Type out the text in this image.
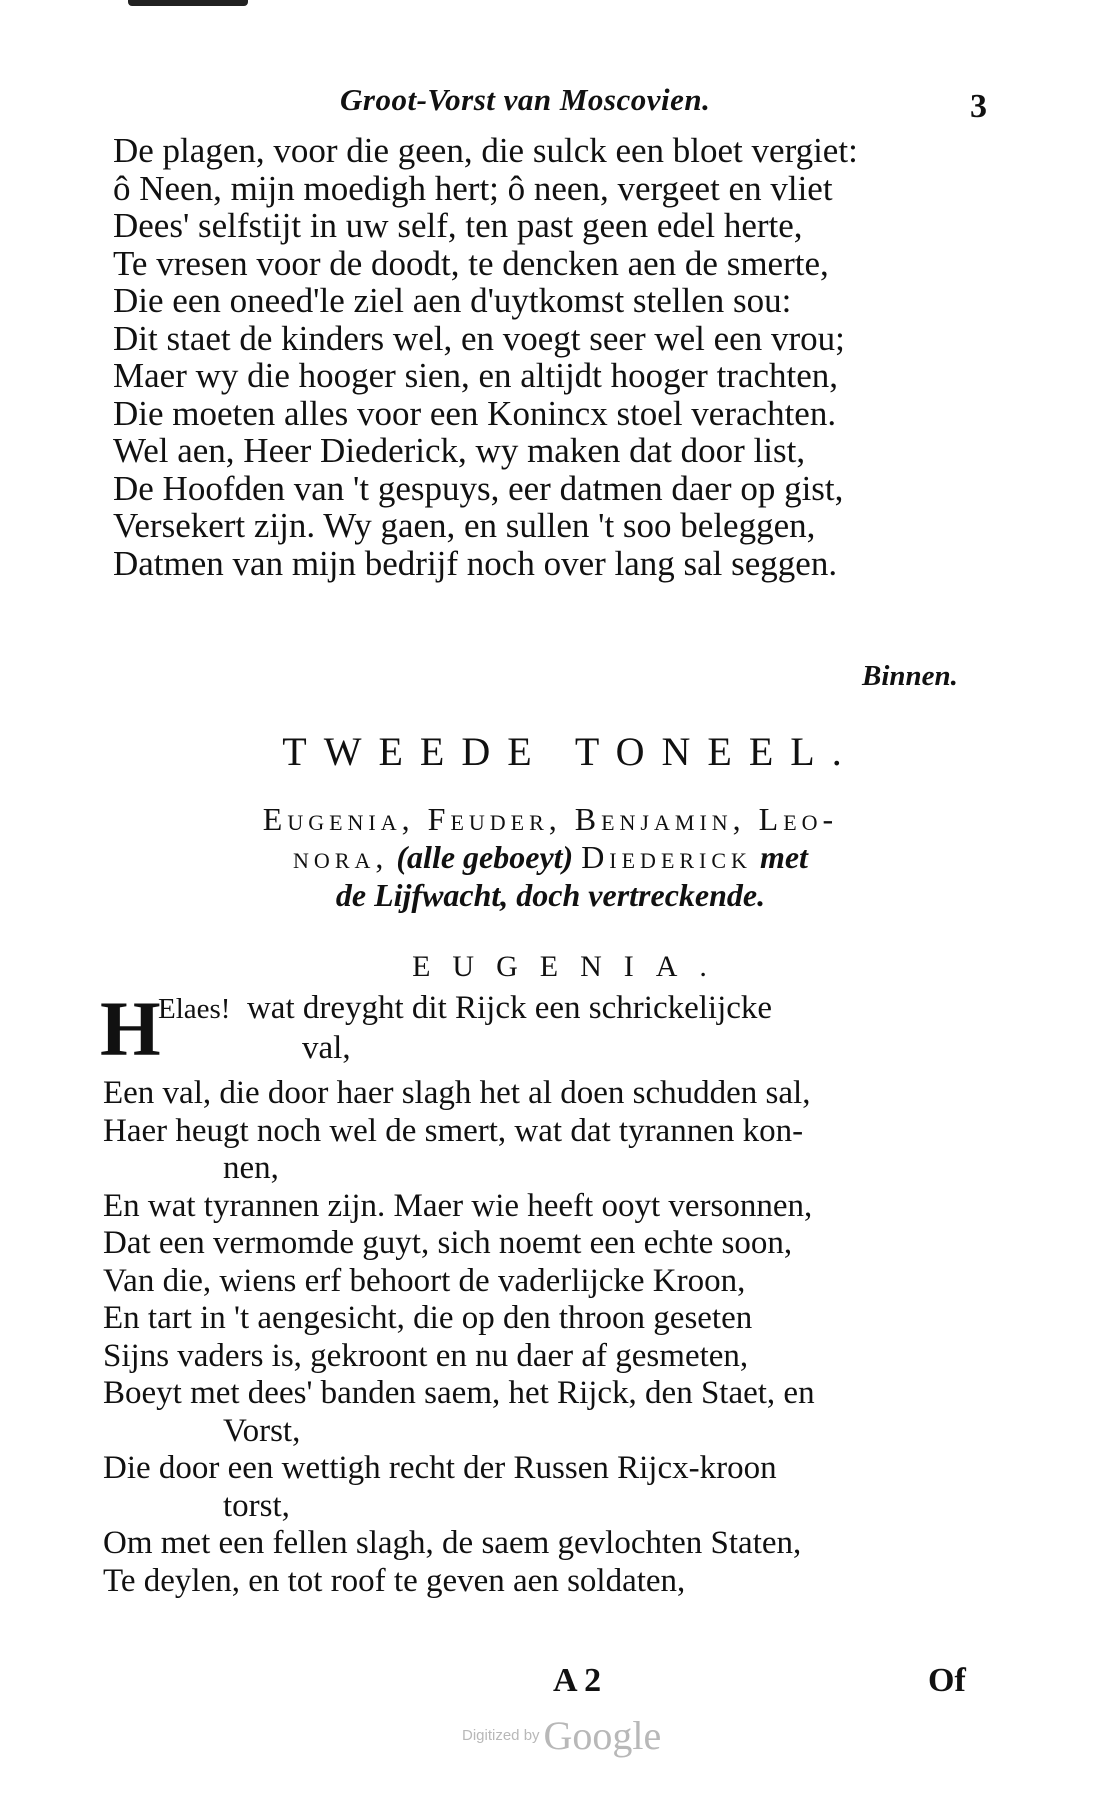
Groot-Vorst van Moscovien.	3
De plagen, voor die geen, die sulck een bloet vergiet:
ô Neen, mijn moedigh hert; ô neen, vergeet en vliet
Dees' selfstijt in uw self, ten past geen edel herte,
Te vresen voor de doodt, te dencken aen de smerte,
Die een oneed'le ziel aen d'uytkomst stellen sou:
Dit staet de kinders wel, en voegt seer wel een vrou;
Maer wy die hooger sien, en altijdt hooger trachten,
Die moeten alles voor een Konincx stoel verachten.
Wel aen, Heer Diederick, wy maken dat door list,
De Hoofden van 't gespuys, eer datmen daer op gist,
Versekert zijn. Wy gaen, en sullen 't soo beleggen,
Datmen van mijn bedrijf noch over lang sal seggen.
Binnen.
TWEEDE TONEEL.
Eugenia, Feuder, Benjamin, Leo-
nora, (alle geboeyt) Diederick met
de Lijfwacht, doch vertreckende.
EUGENIA.
H
Elaes! wat dreyght dit Rijck een schrickelijcke
val,
Een val, die door haer slagh het al doen schudden sal,
Haer heugt noch wel de smert, wat dat tyrannen kon-
nen,
En wat tyrannen zijn. Maer wie heeft ooyt versonnen,
Dat een vermomde guyt, sich noemt een echte soon,
Van die, wiens erf behoort de vaderlijcke Kroon,
En tart in 't aengesicht, die op den throon geseten
Sijns vaders is, gekroont en nu daer af gesmeten,
Boeyt met dees' banden saem, het Rijck, den Staet, en
Vorst,
Die door een wettigh recht der Russen Rijcx-kroon
torst,
Om met een fellen slagh, de saem gevlochten Staten,
Te deylen, en tot roof te geven aen soldaten,
A 2	Of
Digitized by Google
